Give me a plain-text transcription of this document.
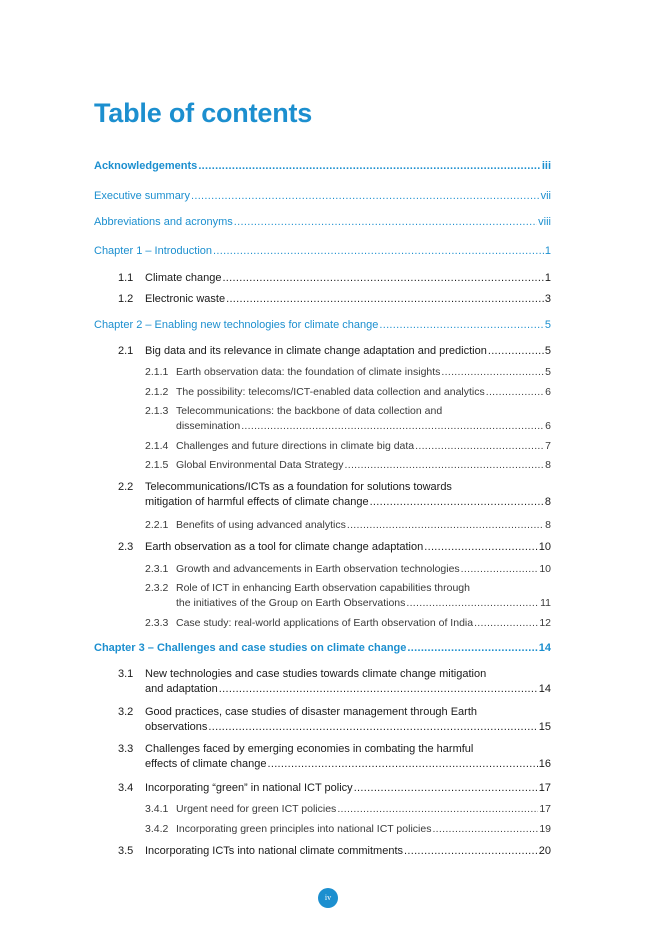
Table of contents
Acknowledgements .....	iii
Executive summary .....	vii
Abbreviations and acronyms .....	viii
Chapter 1 – Introduction .....	1
1.1	Climate change .....	1
1.2	Electronic waste .....	3
Chapter 2 – Enabling new technologies for climate change .....	5
2.1	Big data and its relevance in climate change adaptation and prediction .....	5
2.1.1 Earth observation data: the foundation of climate insights .....	5
2.1.2 The possibility: telecoms/ICT-enabled data collection and analytics .....	6
2.1.3 Telecommunications: the backbone of data collection and
dissemination .....	6
2.1.4 Challenges and future directions in climate big data .....	7
2.1.5 Global Environmental Data Strategy .....	8
2.2	Telecommunications/ICTs as a foundation for solutions towards
mitigation of harmful effects of climate change .....	8
2.2.1 Benefits of using advanced analytics .....	8
2.3	Earth observation as a tool for climate change adaptation .....	10
2.3.1 Growth and advancements in Earth observation technologies .....	10
2.3.2 Role of ICT in enhancing Earth observation capabilities through
the initiatives of the Group on Earth Observations .....	11
2.3.3 Case study: real-world applications of Earth observation of India .....	12
Chapter 3 – Challenges and case studies on climate change .....	14
3.1	New technologies and case studies towards climate change mitigation
and adaptation .....	14
3.2	Good practices, case studies of disaster management through Earth
observations .....	15
3.3	Challenges faced by emerging economies in combating the harmful
effects of climate change .....	16
3.4	Incorporating “green” in national ICT policy .....	17
3.4.1 Urgent need for green ICT policies .....	17
3.4.2 Incorporating green principles into national ICT policies .....	19
3.5	Incorporating ICTs into national climate commitments .....	20
iv
